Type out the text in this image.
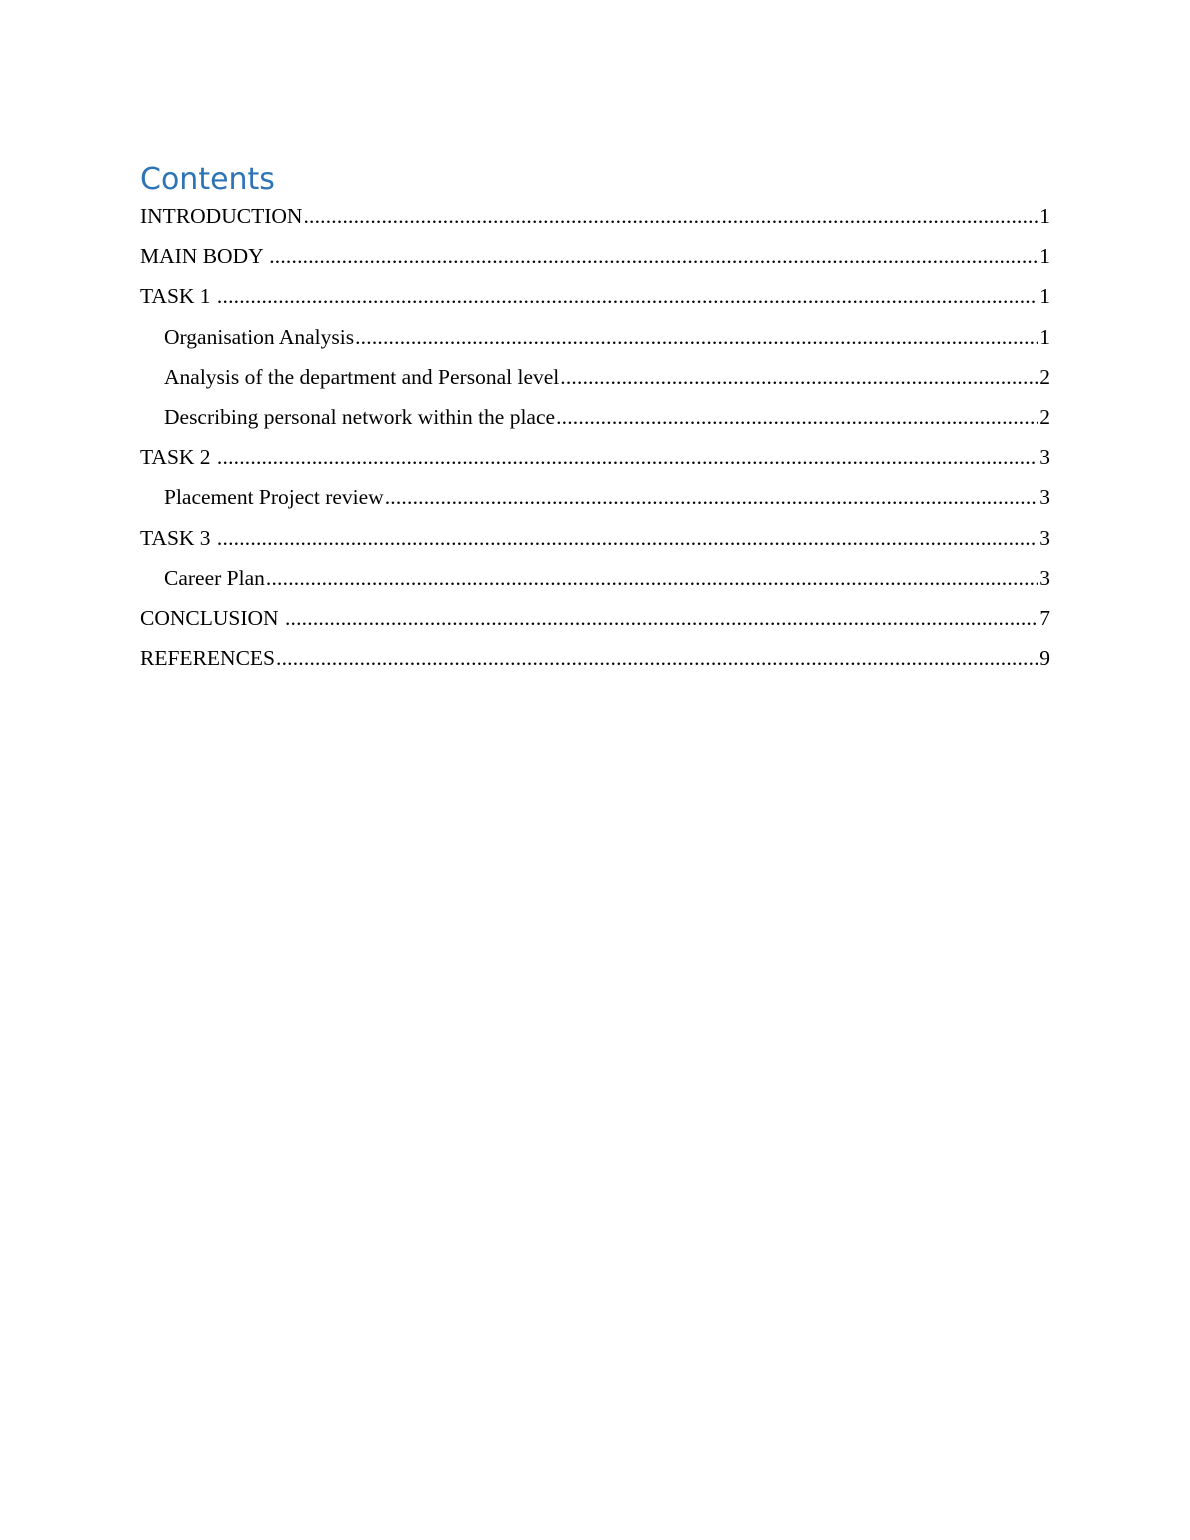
Contents
INTRODUCTION .....	1
MAIN BODY .....	1
TASK 1 .....	1
Organisation Analysis .....	1
Analysis of the department and Personal level .....	2
Describing personal network within the place .....	2
TASK 2 .....	3
Placement Project review .....	3
TASK 3 .....	3
Career Plan .....	3
CONCLUSION .....	7
REFERENCES .....	9
